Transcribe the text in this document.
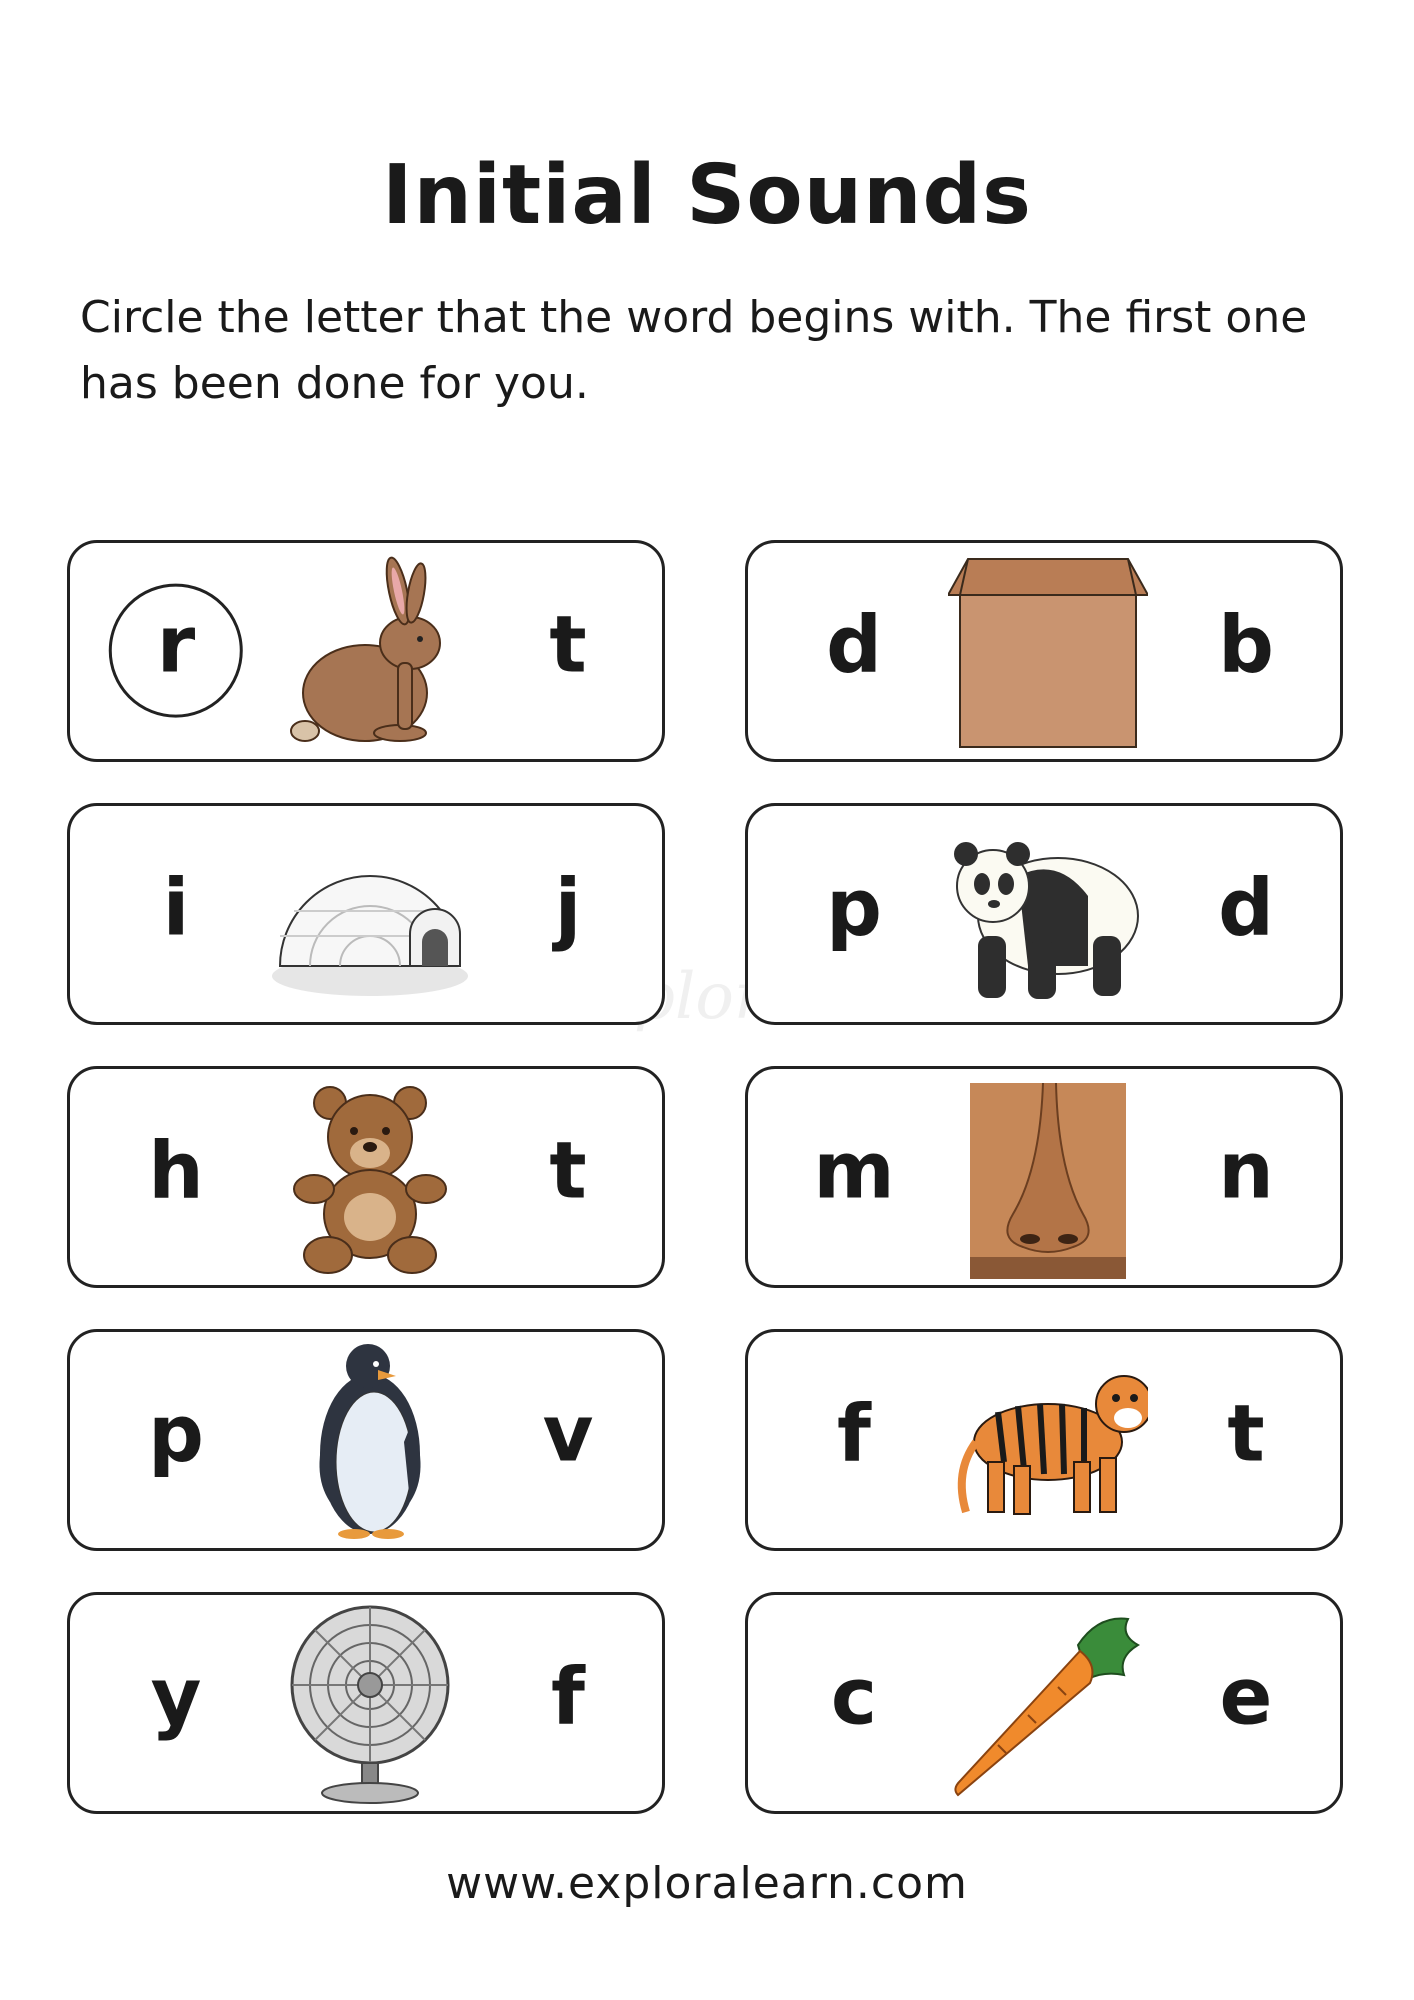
Initial Sounds
Circle the letter that the word begins with. The first one has been done for you.
r	t	d	b
i	j	p	d
h	t	m	n
p	v	f	t
y	f	c	e
www.exploralearn.com
